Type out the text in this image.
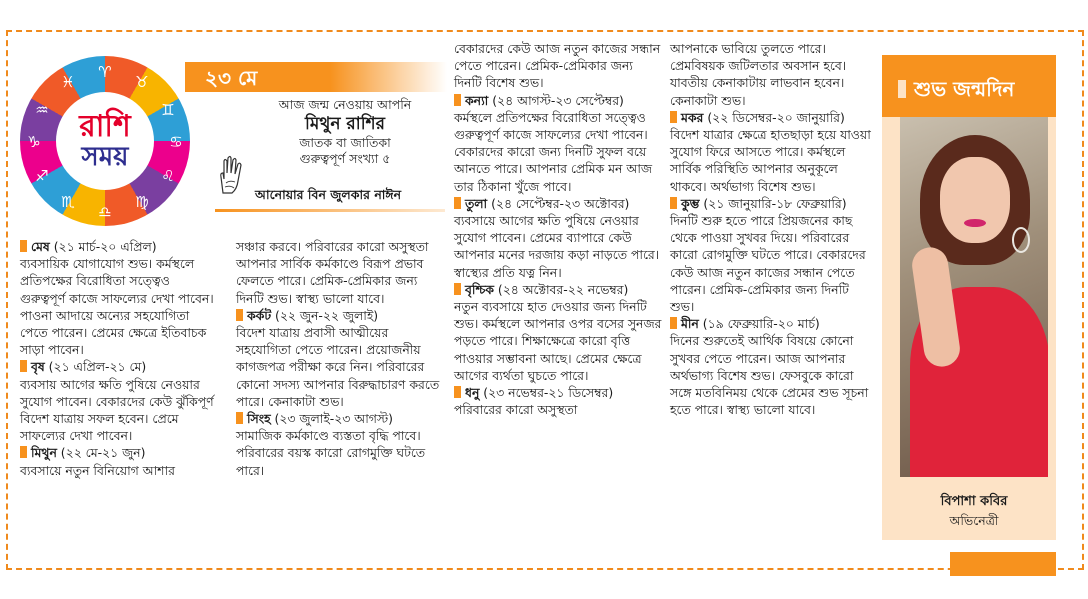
♈
♉
♊
♋
♌
♍
♎
♏
♐
♑
♒
♓
রাশি
সময়
২৩ মে
আজ জন্ম নেওয়ায় আপনি
মিথুন রাশির
জাতক বা জাতিকা
গুরুত্বপূর্ণ সংখ্যা ৫
আনোয়ার বিন জুলকার নাঈন

মেষ (২১ মার্চ-২০ এপ্রিল)

ব্যবসায়িক যোগাযোগ শুভ। কর্মস্থলে প্রতিপক্ষের বিরোধিতা সত্ত্বেও গুরুত্বপূর্ণ কাজে সাফল্যের দেখা পাবেন। পাওনা আদায়ে অন্যের সহযোগিতা পেতে পারেন। প্রেমের ক্ষেত্রে ইতিবাচক সাড়া পাবেন।

বৃষ (২১ এপ্রিল-২১ মে)

ব্যবসায় আগের ক্ষতি পুষিয়ে নেওয়ার সুযোগ পাবেন। বেকারদের কেউ ঝুঁকিপূর্ণ বিদেশ যাত্রায় সফল হবেন। প্রেমে সাফল্যের দেখা পাবেন।

মিথুন (২২ মে-২১ জুন)

ব্যবসায়ে নতুন বিনিয়োগ আশার

সঞ্চার করবে। পরিবারের কারো অসুস্থতা আপনার সার্বিক কর্মকাণ্ডে বিরূপ প্রভাব ফেলতে পারে। প্রেমিক-প্রেমিকার জন্য দিনটি শুভ। স্বাস্থ্য ভালো যাবে।

কর্কট (২২ জুন-২২ জুলাই)

বিদেশ যাত্রায় প্রবাসী আত্মীয়ের সহযোগিতা পেতে পারেন। প্রয়োজনীয় কাগজপত্র পরীক্ষা করে নিন। পরিবারের কোনো সদস্য আপনার বিরুদ্ধাচারণ করতে পারে। কেনাকাটা শুভ।

সিংহ (২৩ জুলাই-২৩ আগস্ট)

সামাজিক কর্মকাণ্ডে ব্যস্ততা বৃদ্ধি পাবে। পরিবারের বয়স্ক কারো রোগমুক্তি ঘটতে পারে।

বেকারদের কেউ আজ নতুন কাজের সন্ধান পেতে পারেন। প্রেমিক-প্রেমিকার জন্য দিনটি বিশেষ শুভ।

কন্যা (২৪ আগস্ট-২৩ সেপ্টেম্বর)

কর্মস্থলে প্রতিপক্ষের বিরোধিতা সত্ত্বেও গুরুত্বপূর্ণ কাজে সাফল্যের দেখা পাবেন। বেকারদের কারো জন্য দিনটি সুফল বয়ে আনতে পারে। আপনার প্রেমিক মন আজ তার ঠিকানা খুঁজে পাবে।

তুলা (২৪ সেপ্টেম্বর-২৩ অক্টোবর)

ব্যবসায়ে আগের ক্ষতি পুষিয়ে নেওয়ার সুযোগ পাবেন। প্রেমের ব্যাপারে কেউ আপনার মনের দরজায় কড়া নাড়তে পারে। স্বাস্থ্যের প্রতি যত্ন নিন।

বৃশ্চিক (২৪ অক্টোবর-২২ নভেম্বর)

নতুন ব্যবসায়ে হাত দেওয়ার জন্য দিনটি শুভ। কর্মস্থলে আপনার ওপর বসের সুনজর পড়তে পারে। শিক্ষাক্ষেত্রে কারো বৃত্তি পাওয়ার সম্ভাবনা আছে। প্রেমের ক্ষেত্রে আগের ব্যর্থতা ঘুচতে পারে।

ধনু (২৩ নভেম্বর-২১ ডিসেম্বর)

পরিবারের কারো অসুস্থতা

আপনাকে ভাবিয়ে তুলতে পারে। প্রেমবিষয়ক জটিলতার অবসান হবে। যাবতীয় কেনাকাটায় লাভবান হবেন। কেনাকাটা শুভ।

মকর (২২ ডিসেম্বর-২০ জানুয়ারি)

বিদেশ যাত্রার ক্ষেত্রে হাতছাড়া হয়ে যাওয়া সুযোগ ফিরে আসতে পারে। কর্মস্থলে সার্বিক পরিস্থিতি আপনার অনুকূলে থাকবে। অর্থভাগ্য বিশেষ শুভ।

কুম্ভ (২১ জানুয়ারি-১৮ ফেব্রুয়ারি)

দিনটি শুরু হতে পারে প্রিয়জনের কাছ থেকে পাওয়া সুখবর দিয়ে। পরিবারের কারো রোগমুক্তি ঘটতে পারে। বেকারদের কেউ আজ নতুন কাজের সন্ধান পেতে পারেন। প্রেমিক-প্রেমিকার জন্য দিনটি শুভ।

মীন (১৯ ফেব্রুয়ারি-২০ মার্চ)

দিনের শুরুতেই আর্থিক বিষয়ে কোনো সুখবর পেতে পারেন। আজ আপনার অর্থভাগ্য বিশেষ শুভ। ফেসবুকে কারো সঙ্গে মতবিনিময় থেকে প্রেমের শুভ সূচনা হতে পারে। স্বাস্থ্য ভালো যাবে।

শুভ জন্মদিন
বিপাশা কবির
অভিনেত্রী
